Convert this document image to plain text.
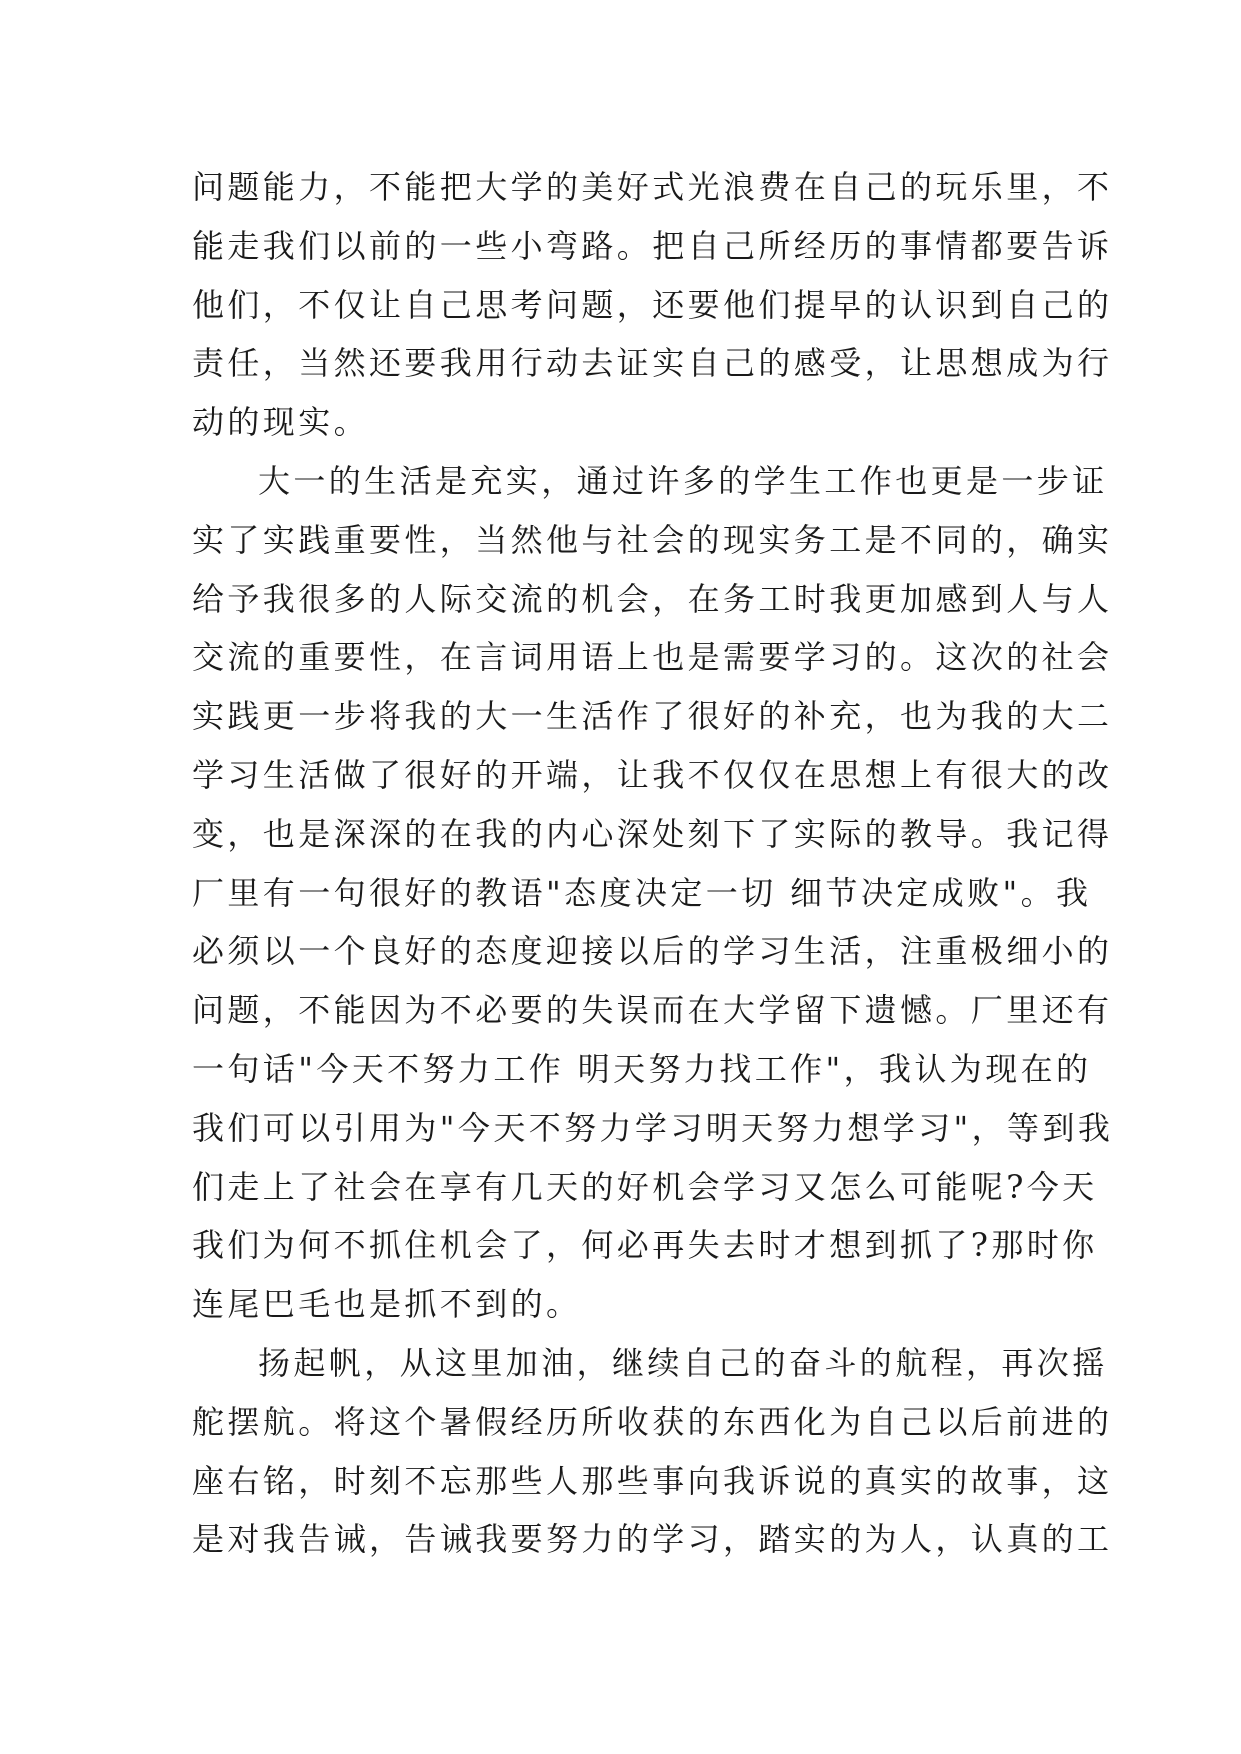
问题能力，不能把大学的美好式光浪费在自己的玩乐里，不
能走我们以前的一些小弯路。把自己所经历的事情都要告诉
他们，不仅让自己思考问题，还要他们提早的认识到自己的
责任，当然还要我用行动去证实自己的感受，让思想成为行
动的现实。
大一的生活是充实，通过许多的学生工作也更是一步证
实了实践重要性，当然他与社会的现实务工是不同的，确实
给予我很多的人际交流的机会，在务工时我更加感到人与人
交流的重要性，在言词用语上也是需要学习的。这次的社会
实践更一步将我的大一生活作了很好的补充，也为我的大二
学习生活做了很好的开端，让我不仅仅在思想上有很大的改
变，也是深深的在我的内心深处刻下了实际的教导。我记得
厂里有一句很好的教语"态度决定一切 细节决定成败"。我
必须以一个良好的态度迎接以后的学习生活，注重极细小的
问题，不能因为不必要的失误而在大学留下遗憾。厂里还有
一句话"今天不努力工作 明天努力找工作"，我认为现在的
我们可以引用为"今天不努力学习明天努力想学习"，等到我
们走上了社会在享有几天的好机会学习又怎么可能呢?今天
我们为何不抓住机会了，何必再失去时才想到抓了?那时你
连尾巴毛也是抓不到的。
扬起帆，从这里加油，继续自己的奋斗的航程，再次摇
舵摆航。将这个暑假经历所收获的东西化为自己以后前进的
座右铭，时刻不忘那些人那些事向我诉说的真实的故事，这
是对我告诫，告诫我要努力的学习，踏实的为人，认真的工
